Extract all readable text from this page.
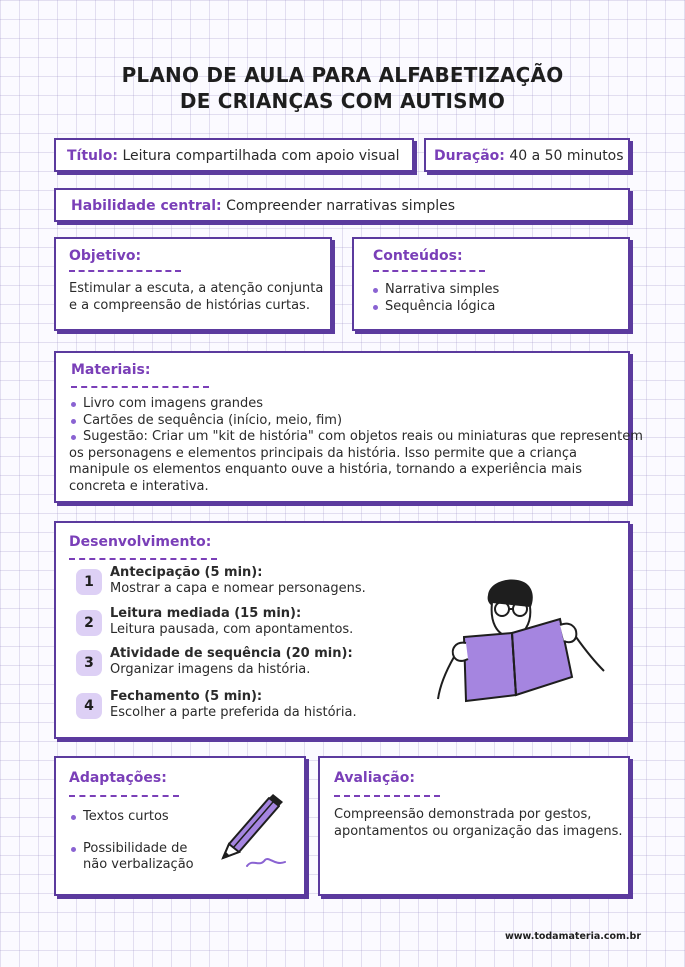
PLANO DE AULA PARA ALFABETIZAÇÃO
DE CRIANÇAS COM AUTISMO
Título: Leitura compartilhada com apoio visual Duração: 40 a 50 minutos
Habilidade central: Compreender narrativas simples
Objetivo:
Estimular a escuta, a atenção conjunta
e a compreensão de histórias curtas.
Conteúdos:
Narrativa simples
Sequência lógica
Materiais:
Livro com imagens grandes
Cartões de sequência (início, meio, fim)
Sugestão: Criar um "kit de história" com objetos reais ou miniaturas que representem
os personagens e elementos principais da história. Isso permite que a criança
manipule os elementos enquanto ouve a história, tornando a experiência mais
concreta e interativa.
Desenvolvimento:
1
Antecipação (5 min):
Mostrar a capa e nomear personagens.
2
Leitura mediada (15 min):
Leitura pausada, com apontamentos.
3
Atividade de sequência (20 min):
Organizar imagens da história.
4
Fechamento (5 min):
Escolher a parte preferida da história.
Adaptações:
Textos curtos
Possibilidade de
não verbalização
Avaliação:
Compreensão demonstrada por gestos,
apontamentos ou organização das imagens.
www.todamateria.com.br
